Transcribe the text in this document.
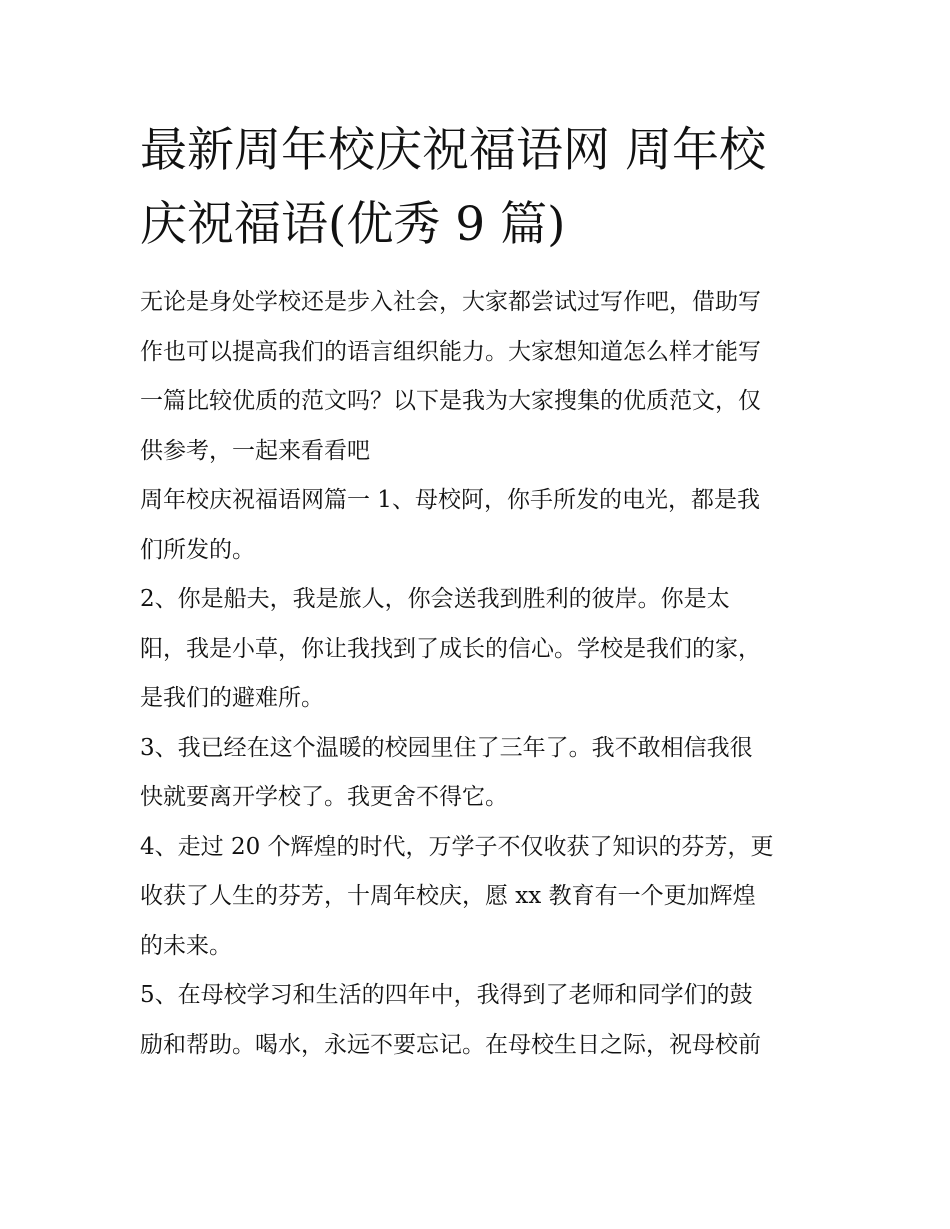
最新周年校庆祝福语网 周年校
庆祝福语(优秀 9 篇)

无论是身处学校还是步入社会，大家都尝试过写作吧，借助写
作也可以提高我们的语言组织能力。大家想知道怎么样才能写
一篇比较优质的范文吗？以下是我为大家搜集的优质范文，仅
供参考，一起来看看吧

周年校庆祝福语网篇一 1、母校阿，你手所发的电光，都是我
们所发的。

2、你是船夫，我是旅人，你会送我到胜利的彼岸。你是太
阳，我是小草，你让我找到了成长的信心。学校是我们的家，
是我们的避难所。

3、我已经在这个温暖的校园里住了三年了。我不敢相信我很
快就要离开学校了。我更舍不得它。

4、走过 20 个辉煌的时代，万学子不仅收获了知识的芬芳，更
收获了人生的芬芳，十周年校庆，愿 xx 教育有一个更加辉煌
的未来。

5、在母校学习和生活的四年中，我得到了老师和同学们的鼓
励和帮助。喝水，永远不要忘记。在母校生日之际，祝母校前
